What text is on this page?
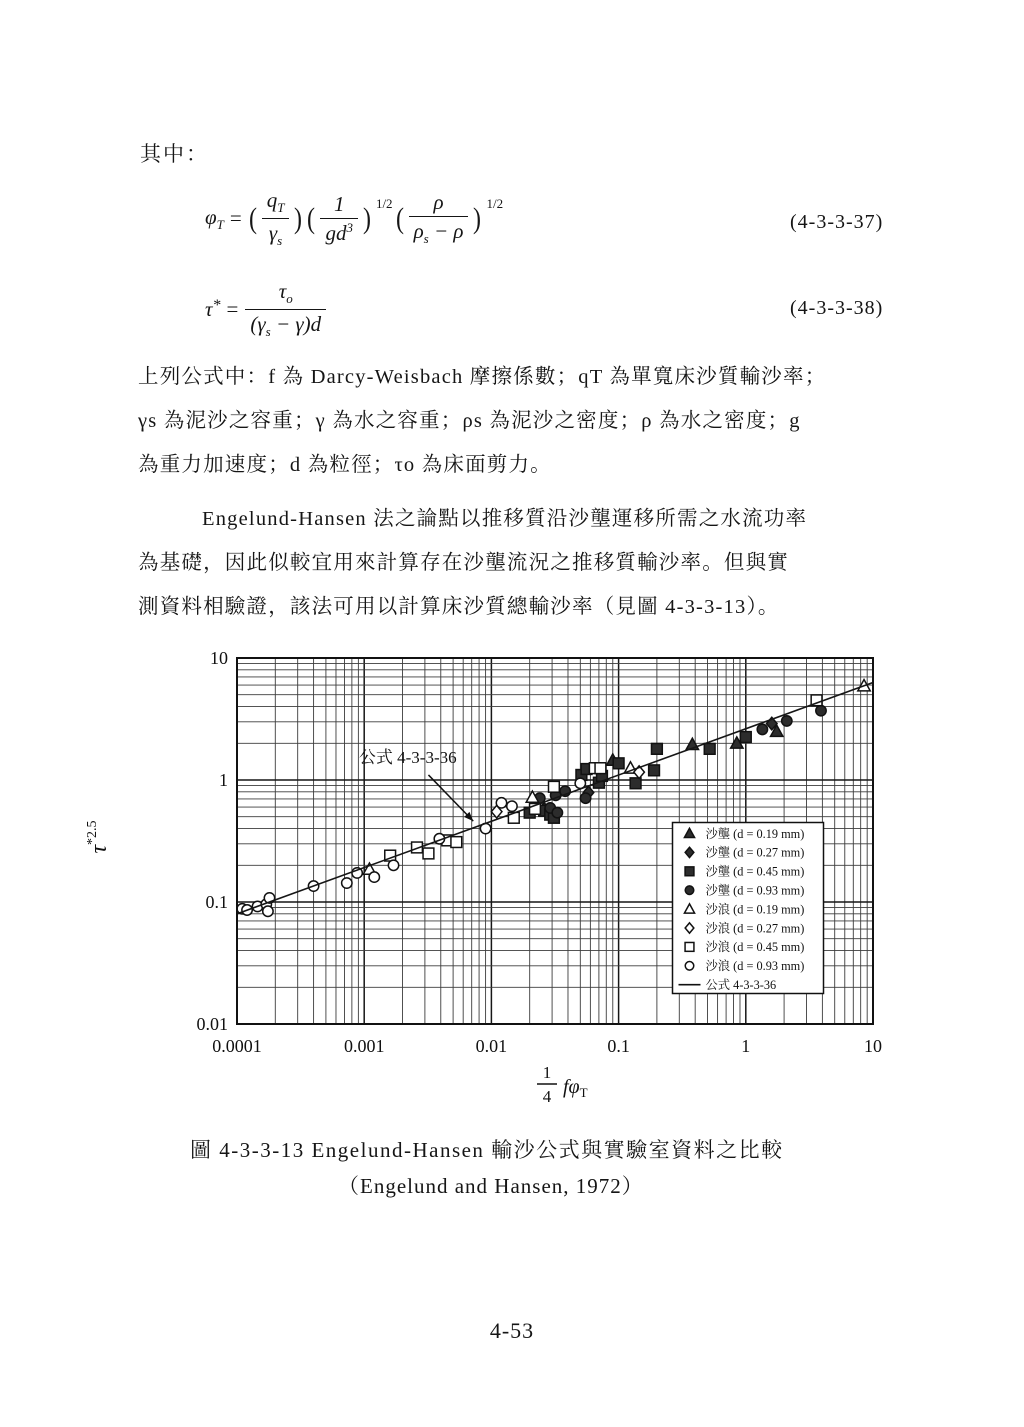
其中：
$\varphi_T$ = ( $\frac{q_T}{\gamma_s}$ ) ( $\frac{1}{gd^3}$ ) 1/2 ( $\frac{\rho}{\rho_s - \rho}$ ) 1/2
(4-3-3-37)
$\tau^* = \frac{\tau_o}{(\gamma_s - \gamma)d}$	(4-3-3-38)
上列公式中：f 為 Darcy-Weisbach 摩擦係數；qT 為單寬床沙質輸沙率；
γs 為泥沙之容重；γ 為水之容重；ρs 為泥沙之密度；ρ 為水之密度；g
為重力加速度；d 為粒徑；τo 為床面剪力。
Engelund-Hansen 法之論點以推移質沿沙壟運移所需之水流功率
為基礎，因此似較宜用來計算存在沙壟流況之推移質輸沙率。但與實
測資料相驗證，該法可用以計算床沙質總輸沙率（見圖 4-3-3-13）。
公式 4-3-3-36
沙壟 (d = 0.19 mm)
沙壟 (d = 0.27 mm)
沙壟 (d = 0.45 mm)
沙壟 (d = 0.93 mm)
沙浪 (d = 0.19 mm)
沙浪 (d = 0.27 mm)
沙浪 (d = 0.45 mm)
沙浪 (d = 0.93 mm)
公式 4-3-3-36
0.0001	0.001	0.01	0.1	1	10
0.01
0.1
1
10
1
4 $f\varphi_T$
τ*2.5
圖 4-3-3-13 Engelund-Hansen 輸沙公式與實驗室資料之比較
（Engelund and Hansen, 1972）
4-53
